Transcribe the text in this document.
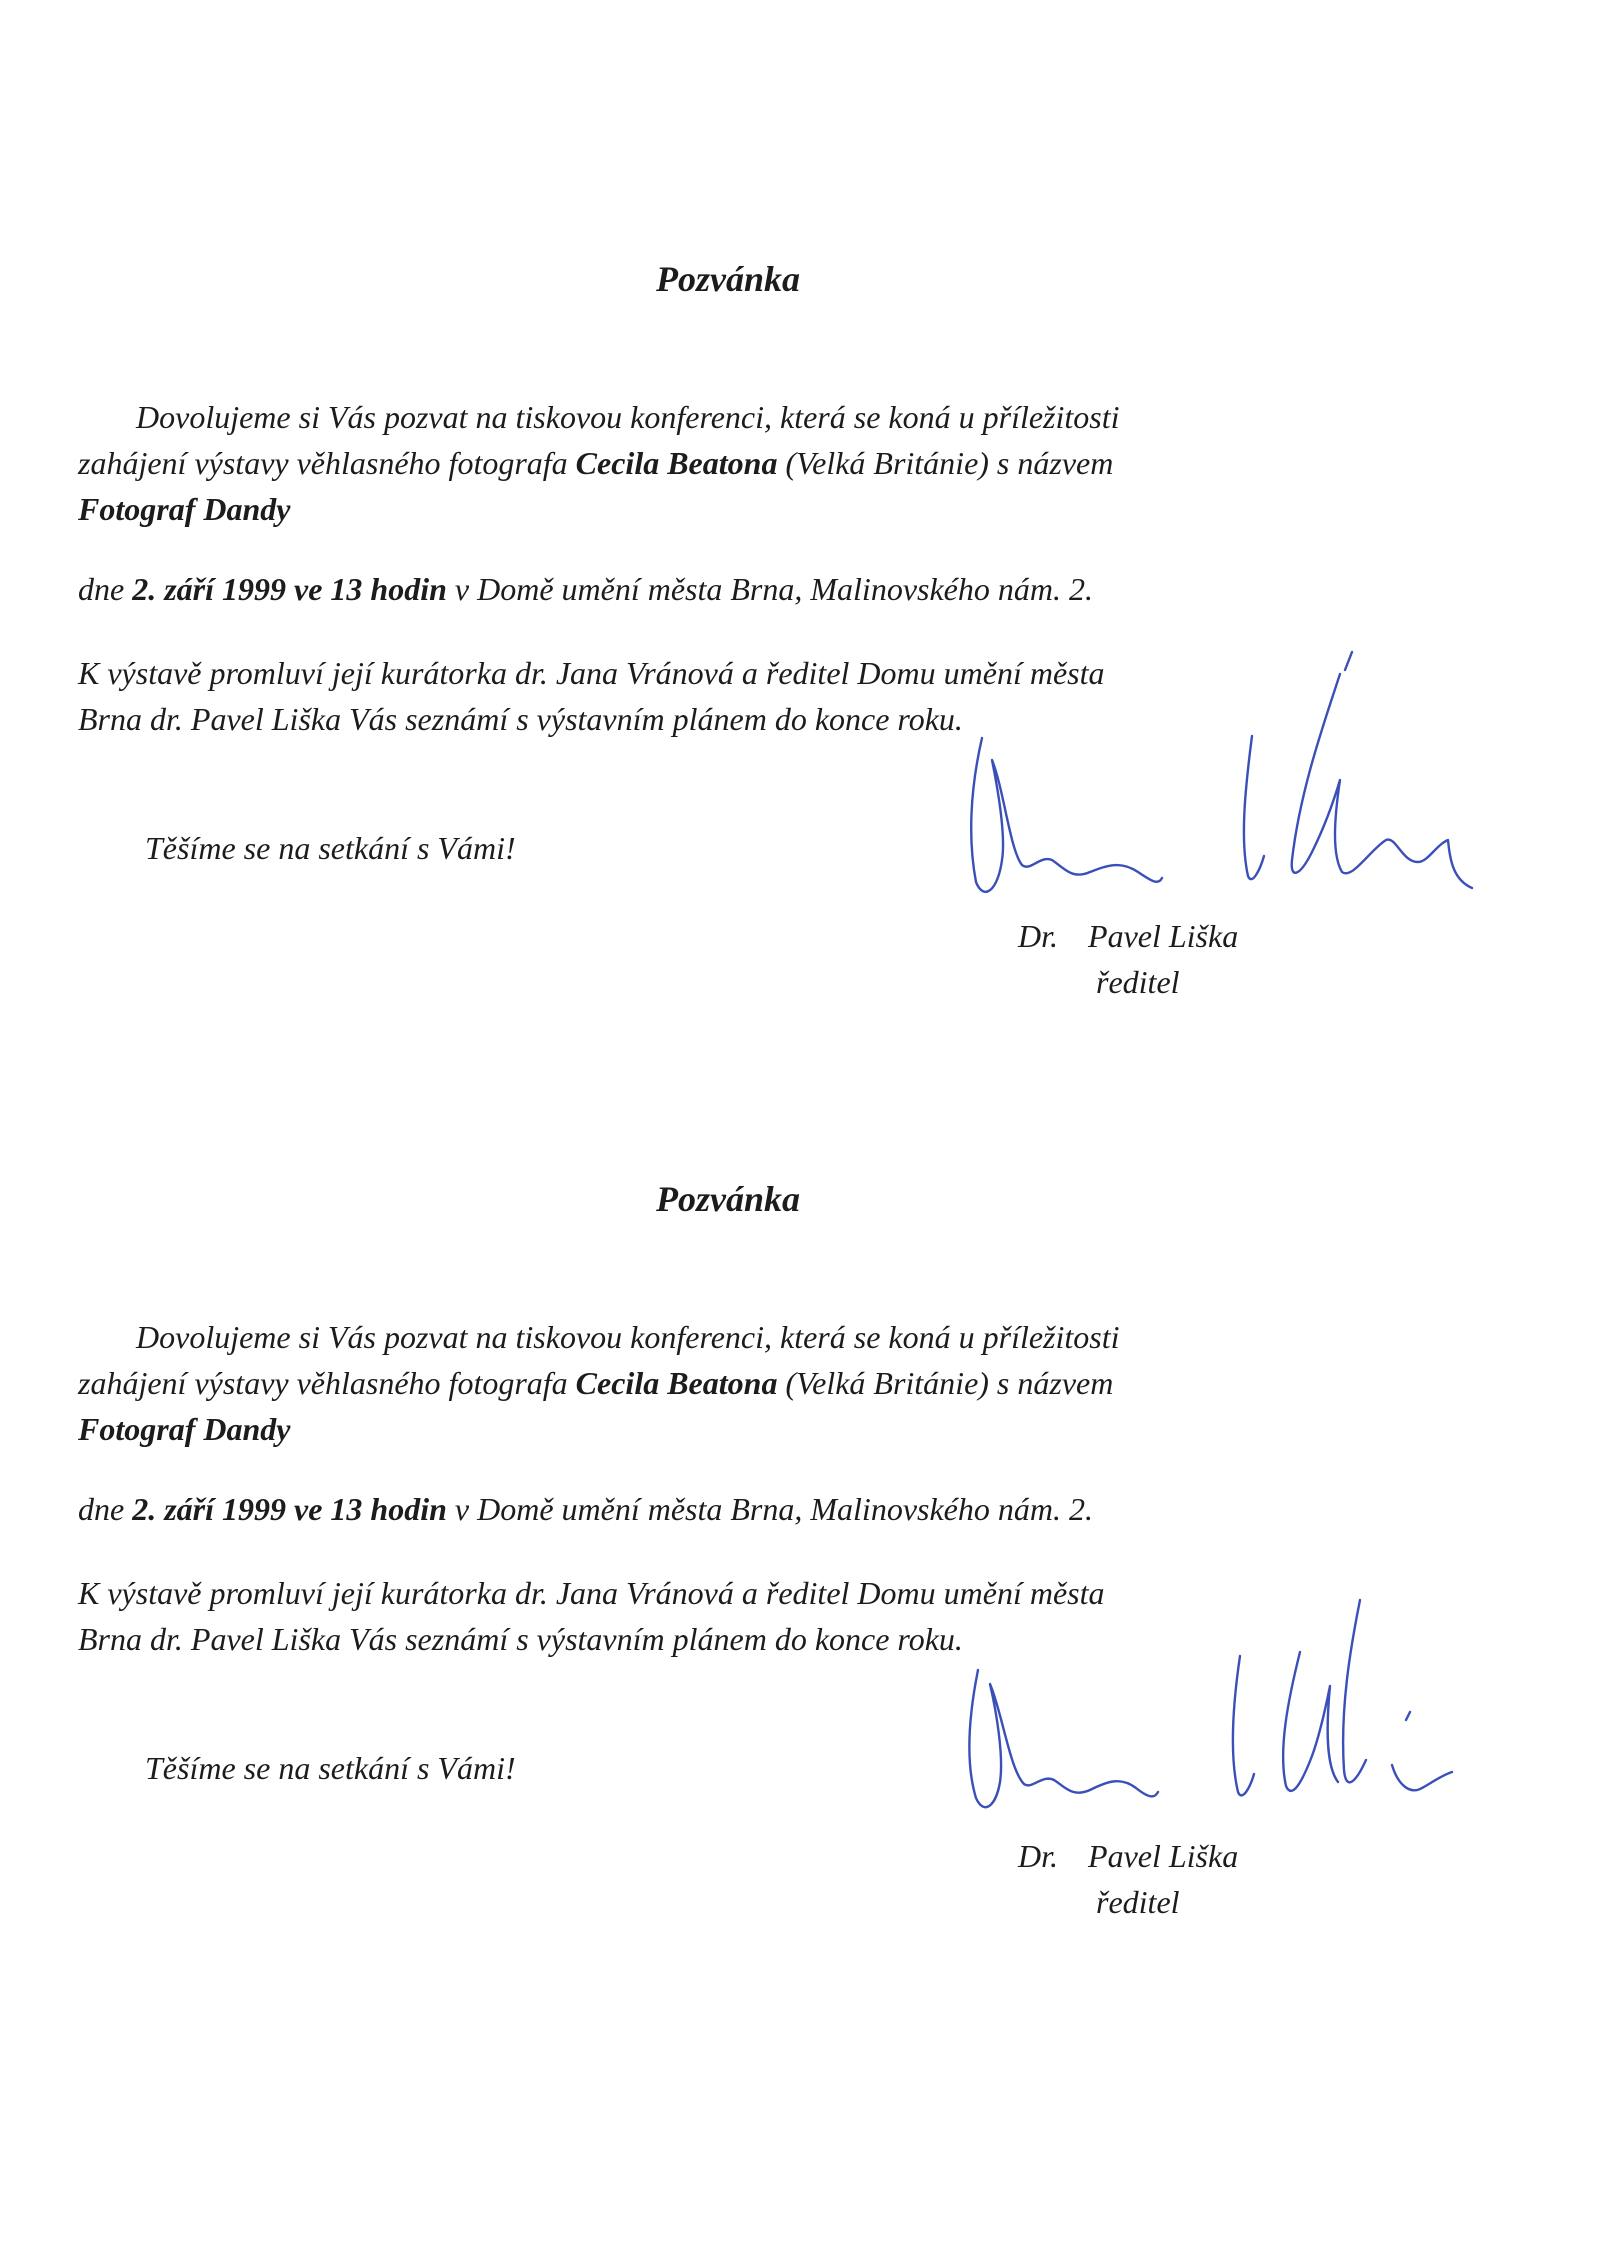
Pozvánka
Dovolujeme si Vás pozvat na tiskovou konferenci, která se koná u příležitosti
zahájení výstavy věhlasného fotografa Cecila Beatona (Velká Británie) s názvem
Fotograf Dandy
dne 2. září 1999 ve 13 hodin v Domě umění města Brna, Malinovského nám. 2.
K výstavě promluví její kurátorka dr. Jana Vránová a ředitel Domu umění města
Brna dr. Pavel Liška Vás seznámí s výstavním plánem do konce roku.
Těšíme se na setkání s Vámi!
Dr. Pavel Liška
ředitel
Pozvánka
Dovolujeme si Vás pozvat na tiskovou konferenci, která se koná u příležitosti
zahájení výstavy věhlasného fotografa Cecila Beatona (Velká Británie) s názvem
Fotograf Dandy
dne 2. září 1999 ve 13 hodin v Domě umění města Brna, Malinovského nám. 2.
K výstavě promluví její kurátorka dr. Jana Vránová a ředitel Domu umění města
Brna dr. Pavel Liška Vás seznámí s výstavním plánem do konce roku.
Těšíme se na setkání s Vámi!
Dr. Pavel Liška
ředitel
